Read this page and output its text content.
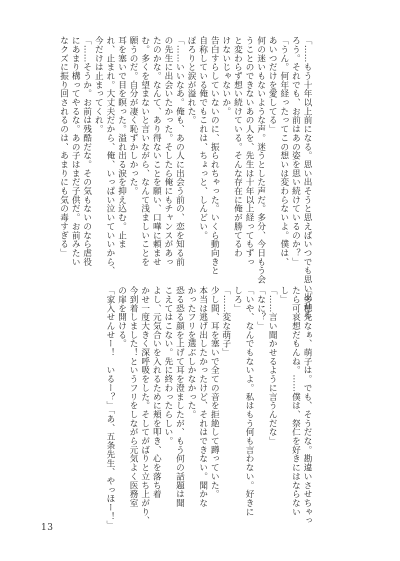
「……もう十年以上前になる。思い出そうと思えばいつでも思い出せる
ろう。それでも、お前はあの姿を思い続けているのか？」
「うん。何年経ったってこの想いは変わらないよ。僕は、
あいつだけを愛してる」
何の迷いもないような声。迷うとした声だ。多分、今日もう会
うことのできないあの人を、先生は十年以上経ってもずっ
と変わらず想い続けている。そんな存在に俺が勝てるわ
けないじゃないか。
告白すらしていないのに、振られちゃった。いくら動向きと
自称している俺でもこれは、ちょっと、しんどい。
ぽろりと涙が溢れた。
「……いいなあ。俺も、あの人に出会う前の、恋を知る前
の先生に出会いたかった。そしたら俺にもチャンスがあっ
たのかな。なんて、あり得ないことを願い、口嘩に頼ませ
む。多くを望まないと言いながら、なんて浅ましいことを
願うのだ。自分が凄く恥ずかしかった。
耳を塞いで目を瞑った。溢れ出る涙を抑え込む。止ま
れ、止まれ。大丈夫だから、俺、いっぱい泣いていいから、
今だけは止まってくれ。
「……そうか。お前は残酷だな。その気もないのなら虐役
にあまり構ってやるな。あの子はまだ子供だ。お前みたい
なクズに振り回されるのは、あまりにも気の毒すぎる」
「多穂先なぁ、萌子は。でも、そうだな。勘違いさせちゃっ
たら可哀想だもんね。……僕は、祭仁を好きにはならない
し」
「……言い聞かせるように言うんだな」
「なに？」
「いや、なんでもないよ。私はもう何も言わない。好きに
しろ」
「……変な萌子」
少し間、耳を塞いで全ての音を拒絶して蹲っていた。
本当は逃げ出したかったけど、それはできない。聞かな
かったフリを選ぶしかなかった。
恐る恐る顔を上げて耳を澄ましたが、もう何の話題は聞
こえてはこない。先に終わったらしい。
よし、元気合いを入れるために頬を叩き、心を落ち着
かせ一度大きく深呼吸をした。そしてがばりと立ち上がり、
今到着しました！というフリをしながら元気よく医務室
の扉を開ける。
「家入せんせー！　いるー？」「あ、五条先生、やっほー！」
13
